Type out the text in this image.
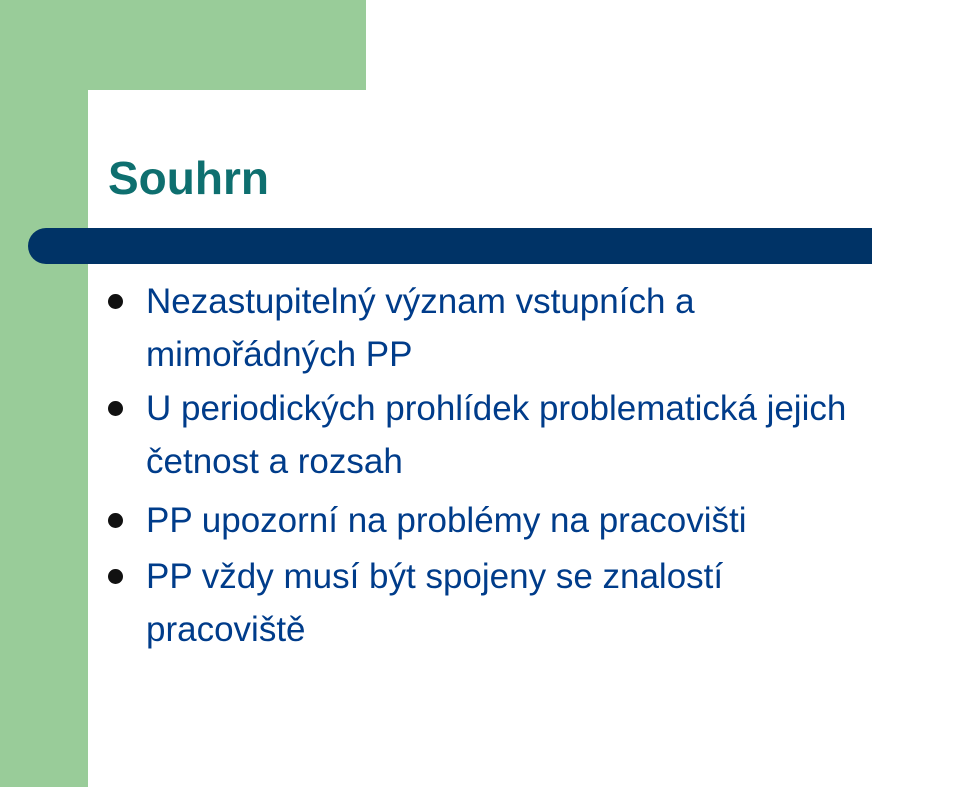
Souhrn
Nezastupitelný význam vstupních a
mimořádných PP
U periodických prohlídek problematická jejich
četnost a rozsah
PP upozorní na problémy na pracovišti
PP vždy musí být spojeny se znalostí
pracoviště
